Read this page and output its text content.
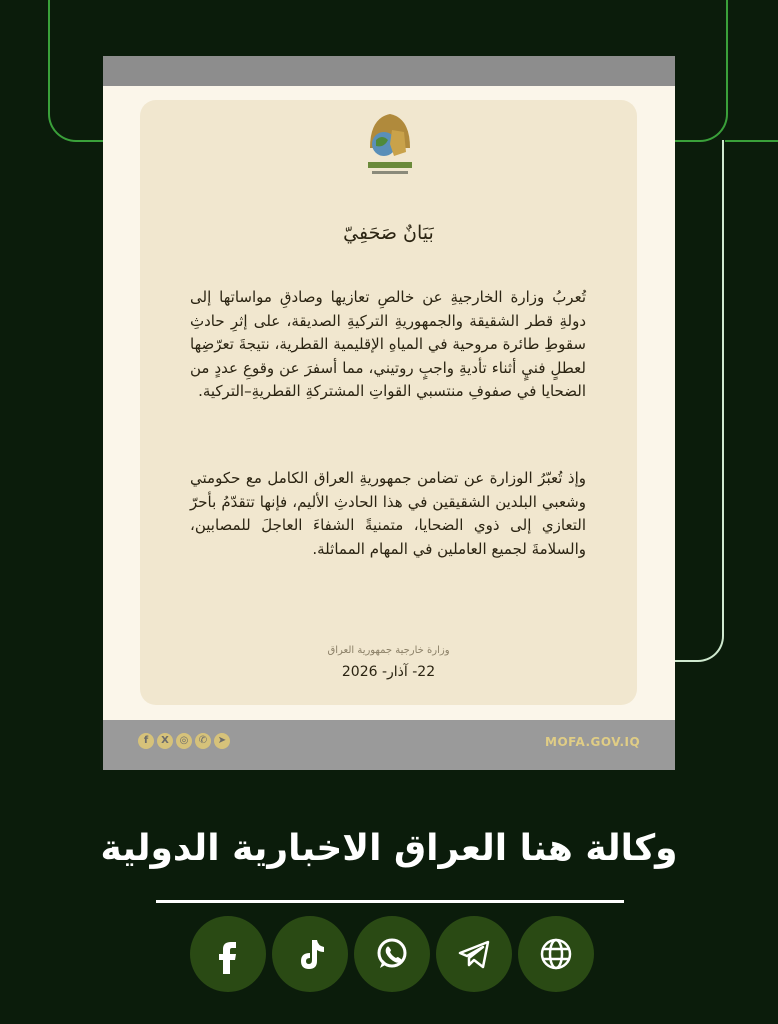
بَيَانٌ صَحَفِيّ
تُعربُ وزارة الخارجيةِ عن خالصِ تعازيها وصادقِ مواساتها إلى دولةِ قطر الشقيقة والجمهوريةِ التركيةِ الصديقة، على إثرِ حادثِ سقوطِ طائرة مروحية في المياهِ الإقليمية القطرية، نتيجةَ تعرّضِها لعطلٍ فنيٍ أثناء تأديةِ واجبٍ روتيني، مما أسفرَ عن وقوعِ عددٍ من الضحايا في صفوفِ منتسبي القواتِ المشتركةِ القطريةِ–التركية.
وإذ تُعبّرُ الوزارة عن تضامن جمهوريةِ العراق الكامل مع حكومتي وشعبي البلدين الشقيقين في هذا الحادثِ الأليم، فإنها تتقدّمُ بأحرّ التعازي إلى ذوي الضحايا، متمنيةً الشفاءَ العاجلَ للمصابين، والسلامةَ لجميع العاملين في المهام المماثلة.
وزارة خارجية جمهورية العراق
22- آذار- 2026
f	X	◎	✆	➤	MOFA.GOV.IQ
وكالة هنا العراق الاخبارية الدولية
